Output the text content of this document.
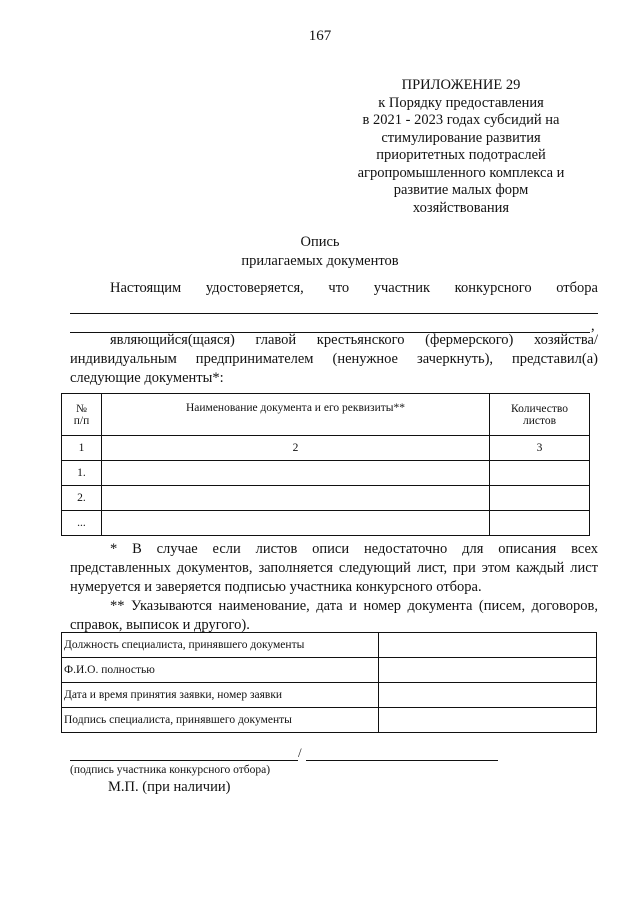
167
ПРИЛОЖЕНИЕ 29
к Порядку предоставления
в 2021 - 2023 годах субсидий на
стимулирование развития
приоритетных подотраслей
агропромышленного комплекса и
развитие малых форм
хозяйствования
Опись
прилагаемых документов
Настоящим удостоверяется, что участник конкурсного отбора
,
являющийся(щаяся) главой крестьянского (фермерского) хозяйства/ индивидуальным предпринимателем (ненужное зачеркнуть), представил(а) следующие документы*:
№ п/п	Наименование документа и его реквизиты**	Количество листов
1	2	3
1.		
2.		
...		
* В случае если листов описи недостаточно для описания всех представленных документов, заполняется следующий лист, при этом каждый лист нумеруется и заверяется подписью участника конкурсного отбора.
** Указываются наименование, дата и номер документа (писем, договоров, справок, выписок и другого).
Должность специалиста, принявшего документы	
Ф.И.О. полностью	
Дата и время принятия заявки, номер заявки	
Подпись специалиста, принявшего документы	
/
(подпись участника конкурсного отбора)
М.П. (при наличии)
